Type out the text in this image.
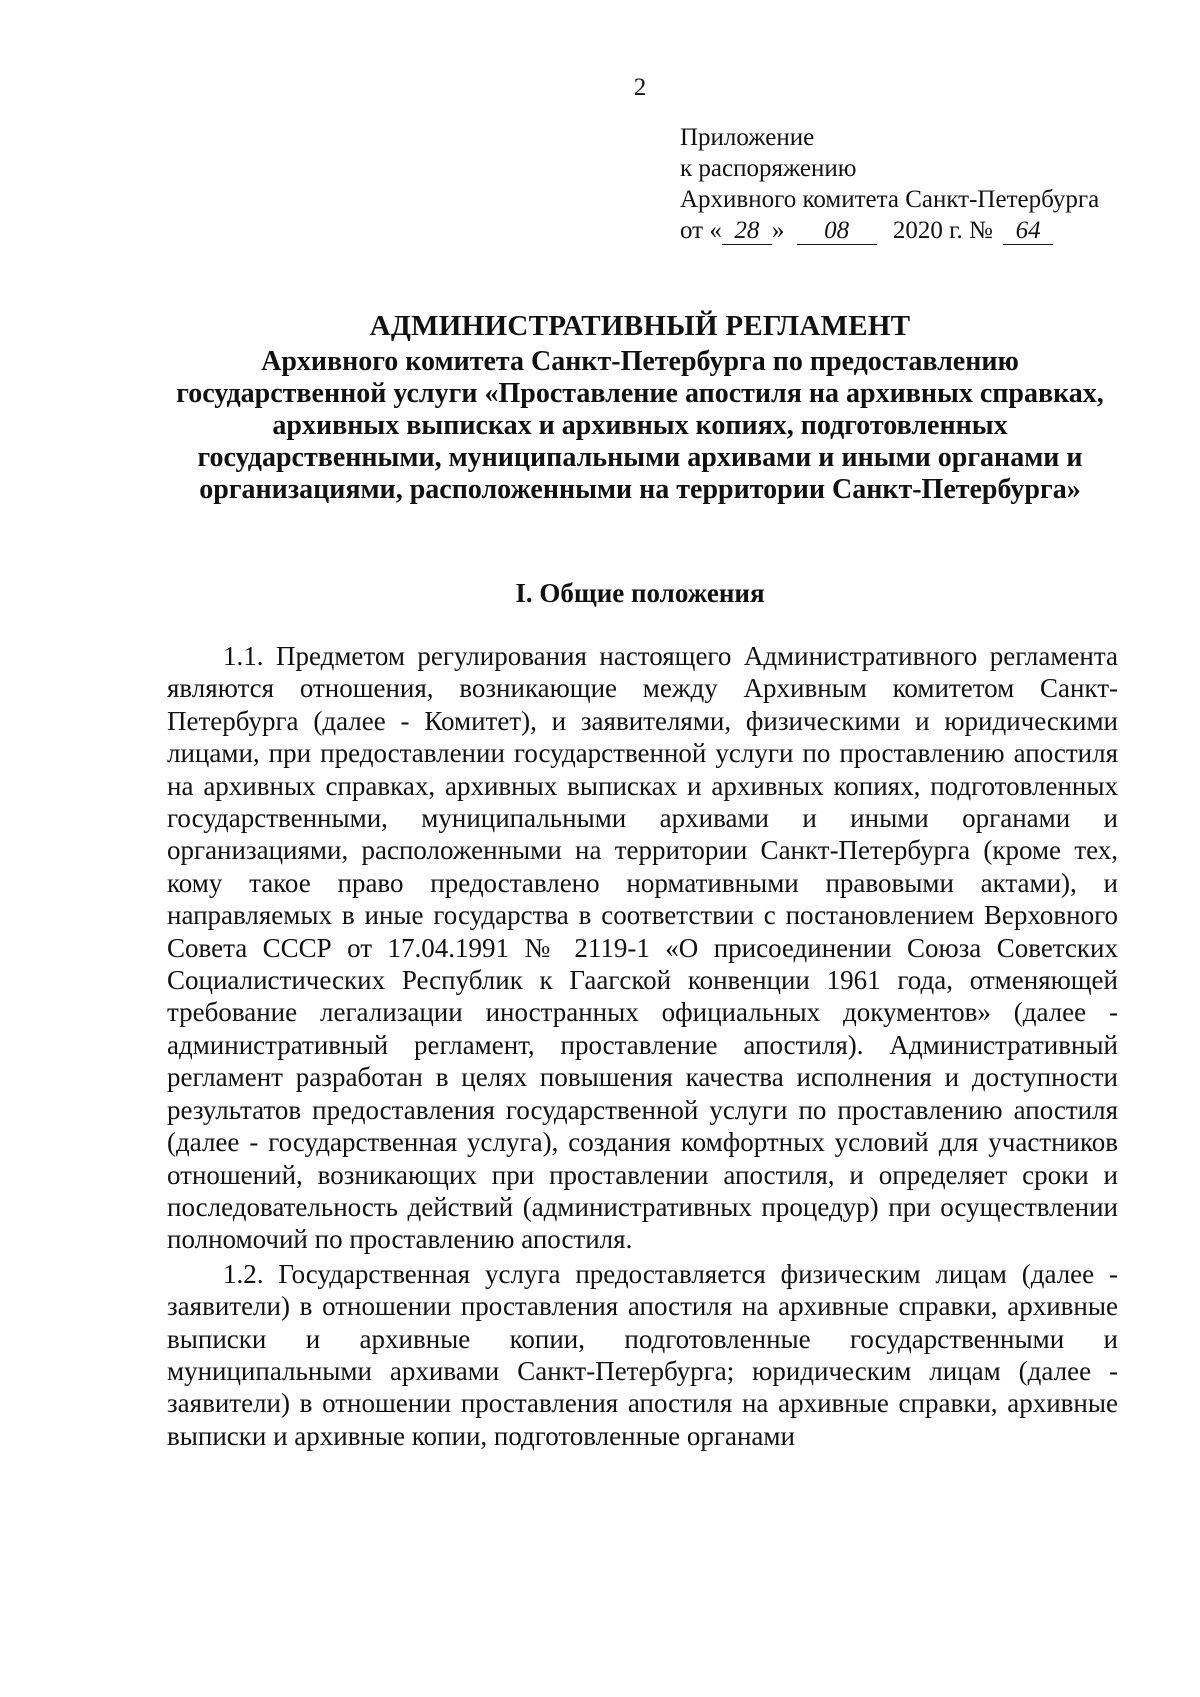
2
Приложение
к распоряжению
Архивного комитета Санкт-Петербурга
от « 28 » 08 2020 г. № 64
АДМИНИСТРАТИВНЫЙ РЕГЛАМЕНТ
Архивного комитета Санкт-Петербурга по предоставлению
государственной услуги «Проставление апостиля на архивных справках,
архивных выписках и архивных копиях, подготовленных
государственными, муниципальными архивами и иными органами и
организациями, расположенными на территории Санкт-Петербурга»
I. Общие положения

1.1. Предметом регулирования настоящего Административного регламента являются отношения, возникающие между Архивным комитетом Санкт-Петербурга (далее - Комитет), и заявителями, физическими и юридическими лицами, при предоставлении государственной услуги по проставлению апостиля на архивных справках, архивных выписках и архивных копиях, подготовленных государственными, муниципальными архивами и иными органами и организациями, расположенными на территории Санкт-Петербурга (кроме тех, кому такое право предоставлено нормативными правовыми актами), и направляемых в иные государства в соответствии с постановлением Верховного Совета СССР от 17.04.1991 № 2119-1 «О присоединении Союза Советских Социалистических Республик к Гаагской конвенции 1961 года, отменяющей требование легализации иностранных официальных документов» (далее - административный регламент, проставление апостиля). Административный регламент разработан в целях повышения качества исполнения и доступности результатов предоставления государственной услуги по проставлению апостиля (далее - государственная услуга), создания комфортных условий для участников отношений, возникающих при проставлении апостиля, и определяет сроки и последовательность действий (административных процедур) при осуществлении полномочий по проставлению апостиля.

1.2. Государственная услуга предоставляется физическим лицам (далее - заявители) в отношении проставления апостиля на архивные справки, архивные выписки и архивные копии, подготовленные государственными и муниципальными архивами Санкт-Петербурга; юридическим лицам (далее - заявители) в отношении проставления апостиля на архивные справки, архивные выписки и архивные копии, подготовленные органами
